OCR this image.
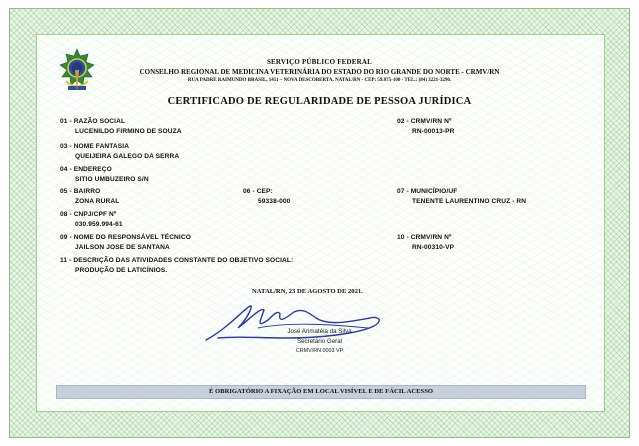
SERVIÇO PÚBLICO FEDERAL
CONSELHO REGIONAL DE MEDICINA VETERINÁRIA DO ESTADO DO RIO GRANDE DO NORTE - CRMV/RN
RUA PADRE RAIMUNDO BRASIL, 1411 – NOVA DESCOBERTA, NATAL/RN - CEP: 59.075-100 - TEL.: (84) 3221-3290.
CERTIFICADO DE REGULARIDADE DE PESSOA JURÍDICA
01 - RAZÃO SOCIAL
LUCENILDO FIRMINO DE SOUZA
02 - CRMV/RN Nº
RN-00013-PR
03 - NOME FANTASIA
QUEIJEIRA GALEGO DA SERRA
04 - ENDEREÇO
SITIO UMBUZEIRO S/N
05 - BAIRRO
ZONA RURAL
06 - CEP:
59338-000
07 - MUNICÍPIO/UF
TENENTE LAURENTINO CRUZ - RN
08 - CNPJ/CPF Nº
030.959.994-61
09 - NOME DO RESPONSÁVEL TÉCNICO
JAILSON JOSE DE SANTANA
10 - CRMV/RN Nº
RN-00310-VP
11 - DESCRIÇÃO DAS ATIVIDADES CONSTANTE DO OBJETIVO SOCIAL:
PRODUÇÃO DE LATICÍNIOS.
NATAL/RN, 23 DE AGOSTO DE 2021.
José Arimatéia da Silva
Secretário Geral
CRMV/RN 0003 VP
É OBRIGATÓRIO A FIXAÇÃO EM LOCAL VISÍVEL E DE FÁCIL ACESSO
